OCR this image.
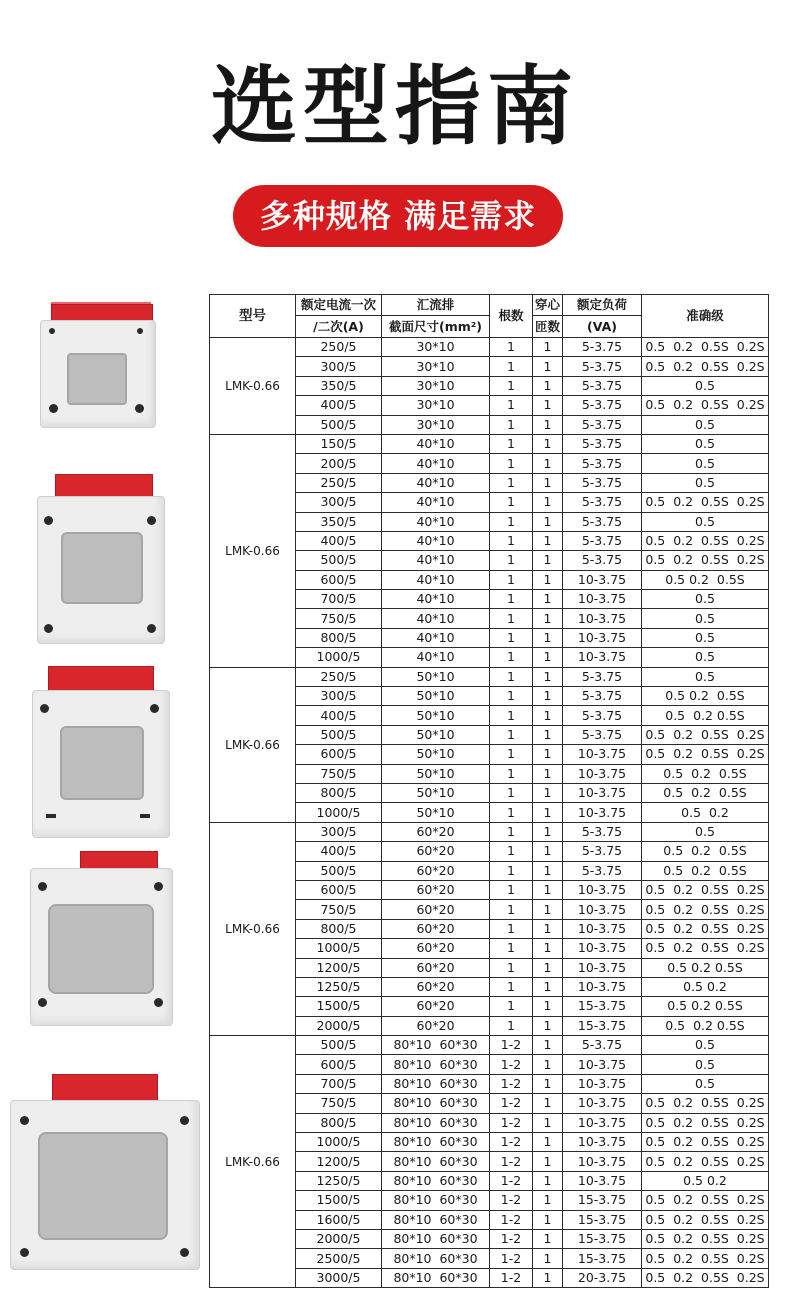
选型指南
多种规格 满足需求
型号	额定电流一次	汇流排	根数	穿心	额定负荷	准确级
	/二次(A)	截面尺寸(mm²)		匝数	(VA)	
LMK-0.66	250/5	30*10	1	1	5-3.75	0.5  0.2  0.5S  0.2S
	300/5	30*10	1	1	5-3.75	0.5  0.2  0.5S  0.2S
	350/5	30*10	1	1	5-3.75	0.5
	400/5	30*10	1	1	5-3.75	0.5  0.2  0.5S  0.2S
	500/5	30*10	1	1	5-3.75	0.5
LMK-0.66	150/5	40*10	1	1	5-3.75	0.5
	200/5	40*10	1	1	5-3.75	0.5
	250/5	40*10	1	1	5-3.75	0.5
	300/5	40*10	1	1	5-3.75	0.5  0.2  0.5S  0.2S
	350/5	40*10	1	1	5-3.75	0.5
	400/5	40*10	1	1	5-3.75	0.5  0.2  0.5S  0.2S
	500/5	40*10	1	1	5-3.75	0.5  0.2  0.5S  0.2S
	600/5	40*10	1	1	10-3.75	0.5 0.2  0.5S
	700/5	40*10	1	1	10-3.75	0.5
	750/5	40*10	1	1	10-3.75	0.5
	800/5	40*10	1	1	10-3.75	0.5
	1000/5	40*10	1	1	10-3.75	0.5
LMK-0.66	250/5	50*10	1	1	5-3.75	0.5
	300/5	50*10	1	1	5-3.75	0.5 0.2  0.5S
	400/5	50*10	1	1	5-3.75	0.5  0.2 0.5S
	500/5	50*10	1	1	5-3.75	0.5  0.2  0.5S  0.2S
	600/5	50*10	1	1	10-3.75	0.5  0.2  0.5S  0.2S
	750/5	50*10	1	1	10-3.75	0.5  0.2  0.5S
	800/5	50*10	1	1	10-3.75	0.5  0.2  0.5S
	1000/5	50*10	1	1	10-3.75	0.5  0.2
LMK-0.66	300/5	60*20	1	1	5-3.75	0.5
	400/5	60*20	1	1	5-3.75	0.5  0.2  0.5S
	500/5	60*20	1	1	5-3.75	0.5  0.2  0.5S
	600/5	60*20	1	1	10-3.75	0.5  0.2  0.5S  0.2S
	750/5	60*20	1	1	10-3.75	0.5  0.2  0.5S  0.2S
	800/5	60*20	1	1	10-3.75	0.5  0.2  0.5S  0.2S
	1000/5	60*20	1	1	10-3.75	0.5  0.2  0.5S  0.2S
	1200/5	60*20	1	1	10-3.75	0.5 0.2 0.5S
	1250/5	60*20	1	1	10-3.75	0.5 0.2
	1500/5	60*20	1	1	15-3.75	0.5 0.2 0.5S
	2000/5	60*20	1	1	15-3.75	0.5  0.2 0.5S
LMK-0.66	500/5	80*10  60*30	1-2	1	5-3.75	0.5
	600/5	80*10  60*30	1-2	1	10-3.75	0.5
	700/5	80*10  60*30	1-2	1	10-3.75	0.5
	750/5	80*10  60*30	1-2	1	10-3.75	0.5  0.2  0.5S  0.2S
	800/5	80*10  60*30	1-2	1	10-3.75	0.5  0.2  0.5S  0.2S
	1000/5	80*10  60*30	1-2	1	10-3.75	0.5  0.2  0.5S  0.2S
	1200/5	80*10  60*30	1-2	1	10-3.75	0.5  0.2  0.5S  0.2S
	1250/5	80*10  60*30	1-2	1	10-3.75	0.5 0.2
	1500/5	80*10  60*30	1-2	1	15-3.75	0.5  0.2  0.5S  0.2S
	1600/5	80*10  60*30	1-2	1	15-3.75	0.5  0.2  0.5S  0.2S
	2000/5	80*10  60*30	1-2	1	15-3.75	0.5  0.2  0.5S  0.2S
	2500/5	80*10  60*30	1-2	1	15-3.75	0.5  0.2  0.5S  0.2S
	3000/5	80*10  60*30	1-2	1	20-3.75	0.5  0.2  0.5S  0.2S
